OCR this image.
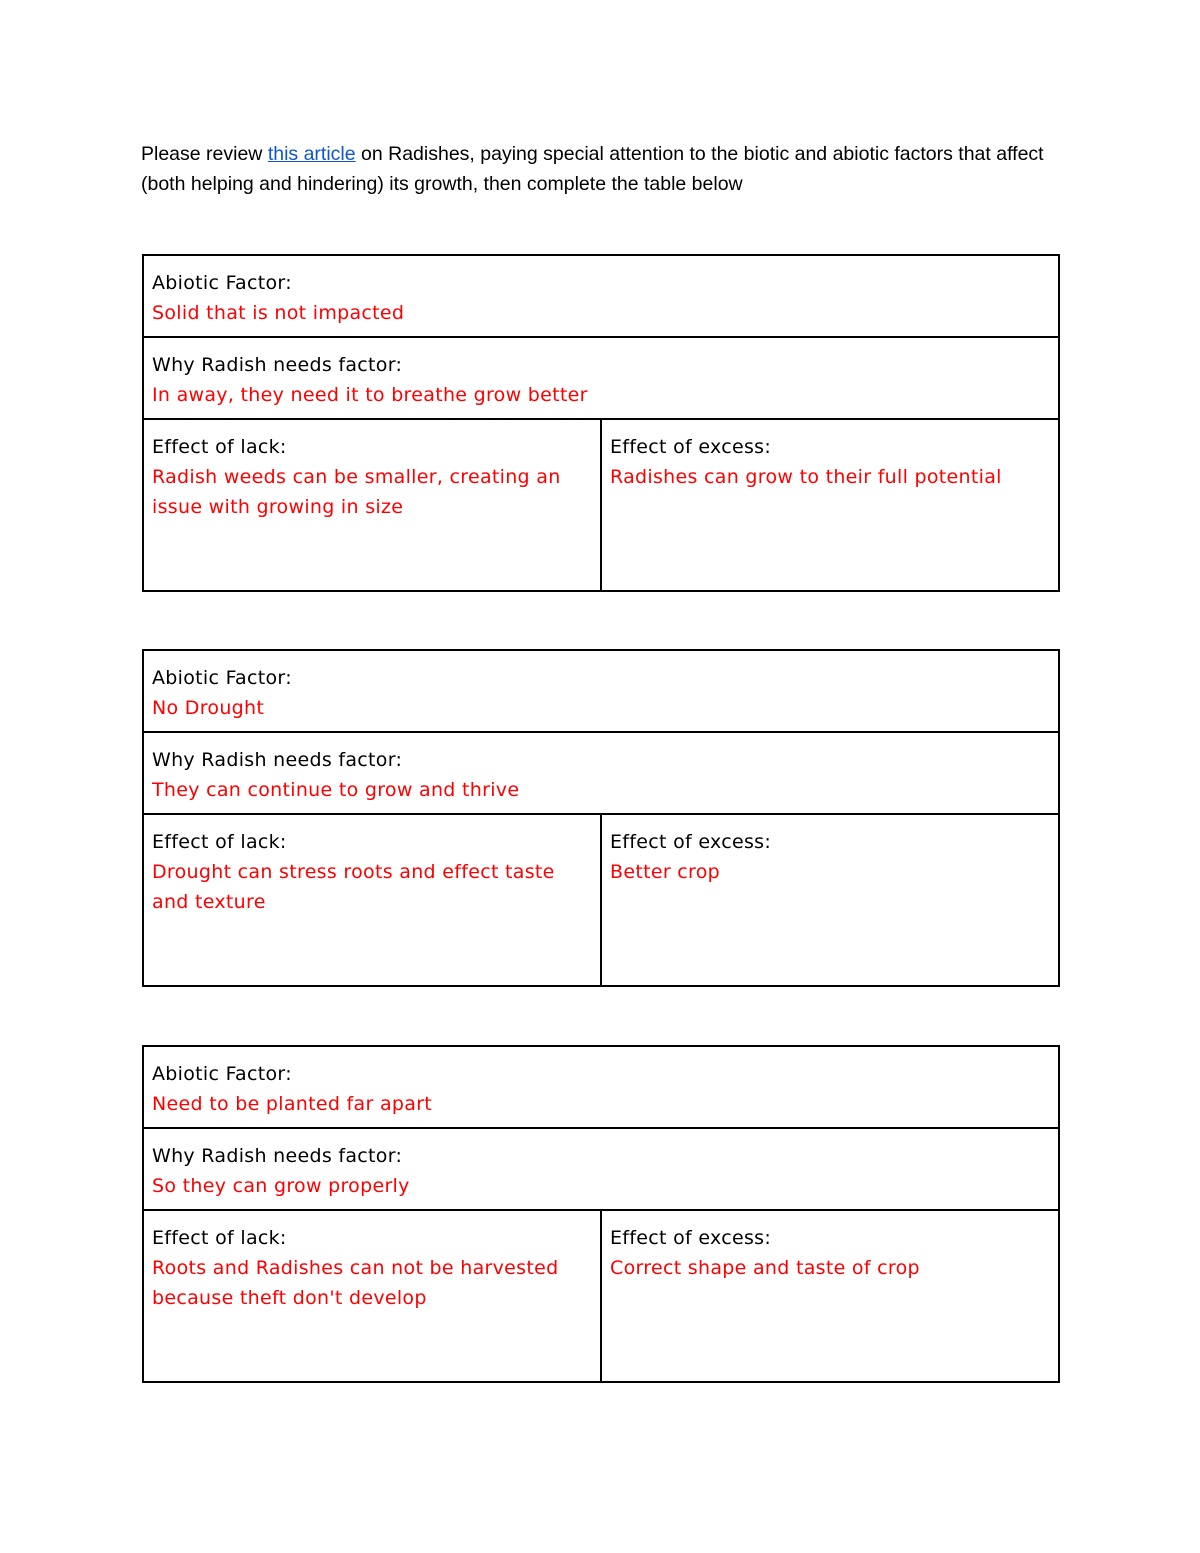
Please review this article on Radishes, paying special attention to the biotic and abiotic factors that affect (both helping and hindering) its growth, then complete the table below

Abiotic Factor:
Solid that is not impacted
Why Radish needs factor:
In away, they need it to breathe grow better
Effect of lack:
Radish weeds can be smaller, creating an issue with growing in size
Effect of excess:
Radishes can grow to their full potential
Abiotic Factor:
No Drought
Why Radish needs factor:
They can continue to grow and thrive
Effect of lack:
Drought can stress roots and effect taste and texture
Effect of excess:
Better crop
Abiotic Factor:
Need to be planted far apart
Why Radish needs factor:
So they can grow properly
Effect of lack:
Roots and Radishes can not be harvested because theft don't develop
Effect of excess:
Correct shape and taste of crop
